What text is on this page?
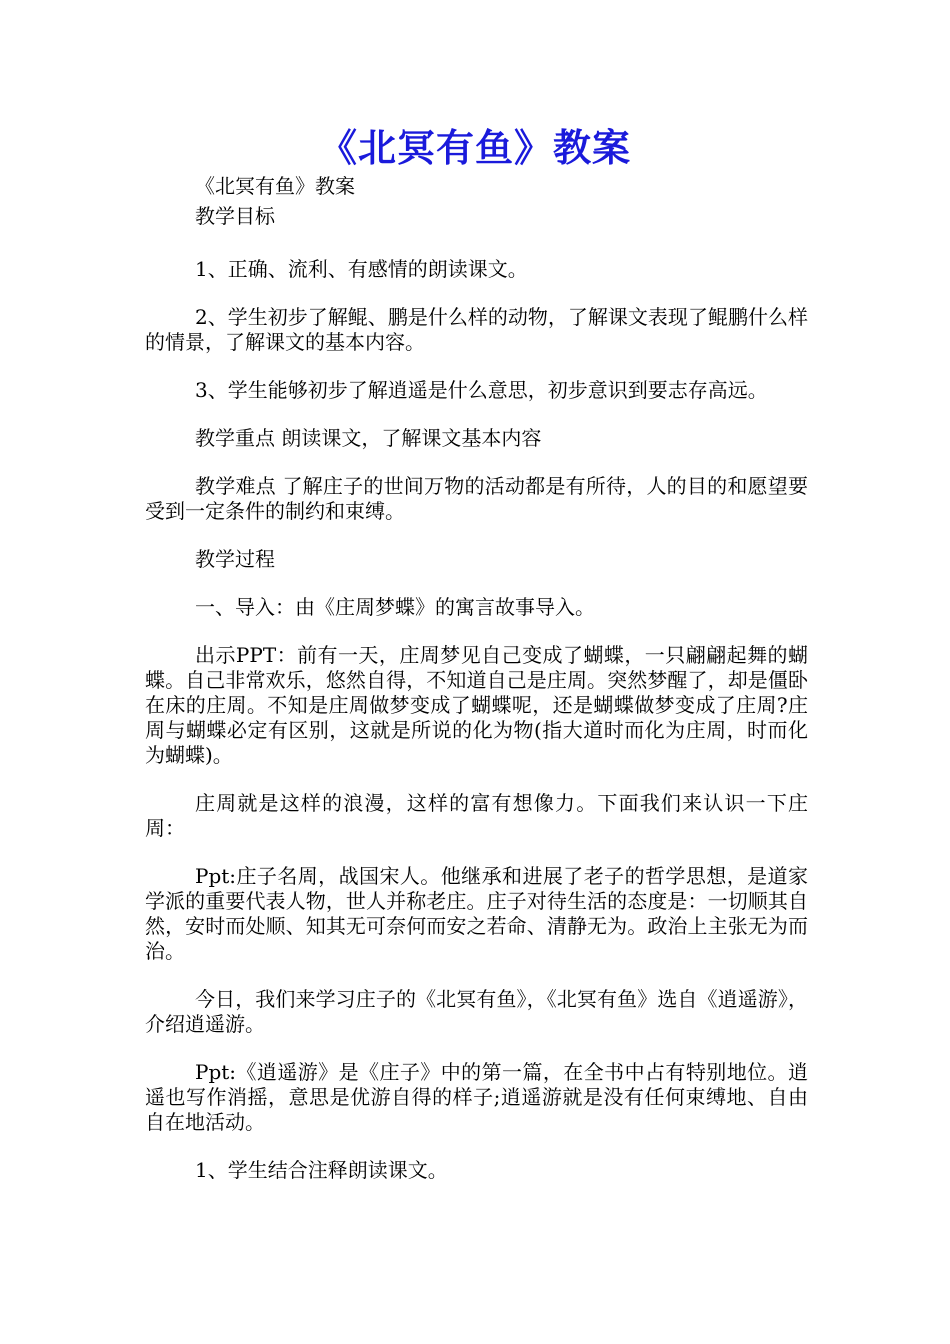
《北冥有鱼》教案

《北冥有鱼》教案

教学目标

1、正确、流利、有感情的朗读课文。

2、学生初步了解鲲、鹏是什么样的动物，了解课文表现了鲲鹏什么样的情景，了解课文的基本内容。

3、学生能够初步了解逍遥是什么意思，初步意识到要志存高远。

教学重点 朗读课文，了解课文基本内容

教学难点 了解庄子的世间万物的活动都是有所待，人的目的和愿望要受到一定条件的制约和束缚。

教学过程

一、导入：由《庄周梦蝶》的寓言故事导入。

出示PPT：前有一天，庄周梦见自己变成了蝴蝶，一只翩翩起舞的蝴蝶。自己非常欢乐，悠然自得，不知道自己是庄周。突然梦醒了，却是僵卧在床的庄周。不知是庄周做梦变成了蝴蝶呢，还是蝴蝶做梦变成了庄周?庄周与蝴蝶必定有区别，这就是所说的化为物(指大道时而化为庄周，时而化为蝴蝶)。

庄周就是这样的浪漫，这样的富有想像力。下面我们来认识一下庄周：

Ppt:庄子名周，战国宋人。他继承和进展了老子的哲学思想，是道家学派的重要代表人物，世人并称老庄。庄子对待生活的态度是：一切顺其自然，安时而处顺、知其无可奈何而安之若命、清静无为。政治上主张无为而治。

今日，我们来学习庄子的《北冥有鱼》，《北冥有鱼》选自《逍遥游》，介绍逍遥游。

Ppt:《逍遥游》是《庄子》中的第一篇，在全书中占有特别地位。逍遥也写作消摇，意思是优游自得的样子;逍遥游就是没有任何束缚地、自由自在地活动。

1、学生结合注释朗读课文。
